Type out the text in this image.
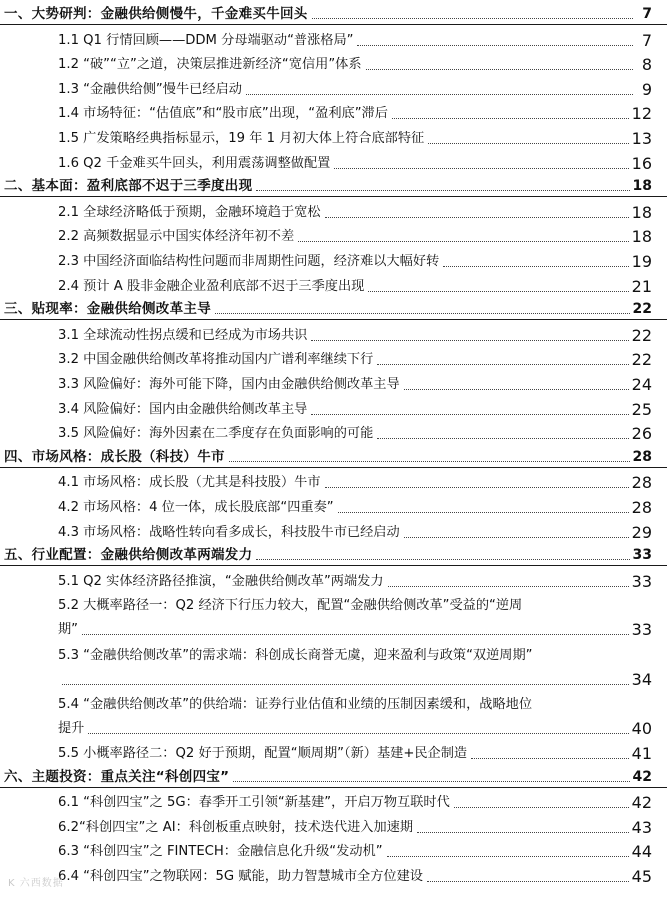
一、大势研判：金融供给侧慢牛，千金难买牛回头	7
1.1 Q1 行情回顾——DDM 分母端驱动“普涨格局”	7
1.2 “破”“立”之道，决策层推进新经济“宽信用”体系	8
1.3 “金融供给侧”慢牛已经启动	9
1.4 市场特征：“估值底”和“股市底”出现，“盈利底”滞后	12
1.5 广发策略经典指标显示，19 年 1 月初大体上符合底部特征	13
1.6 Q2 千金难买牛回头，利用震荡调整做配置	16
二、基本面：盈利底部不迟于三季度出现	18
2.1 全球经济略低于预期，金融环境趋于宽松	18
2.2 高频数据显示中国实体经济年初不差	18
2.3 中国经济面临结构性问题而非周期性问题，经济难以大幅好转	19
2.4 预计 A 股非金融企业盈利底部不迟于三季度出现	21
三、贴现率：金融供给侧改革主导	22
3.1 全球流动性拐点缓和已经成为市场共识	22
3.2 中国金融供给侧改革将推动国内广谱利率继续下行	22
3.3 风险偏好：海外可能下降，国内由金融供给侧改革主导	24
3.4 风险偏好：国内由金融供给侧改革主导	25
3.5 风险偏好：海外因素在二季度存在负面影响的可能	26
四、市场风格：成长股（科技）牛市	28
4.1 市场风格：成长股（尤其是科技股）牛市	28
4.2 市场风格：4 位一体，成长股底部“四重奏”	28
4.3 市场风格：战略性转向看多成长，科技股牛市已经启动	29
五、行业配置：金融供给侧改革两端发力	33
5.1 Q2 实体经济路径推演，“金融供给侧改革”两端发力	33
5.2 大概率路径一：Q2 经济下行压力较大，配置“金融供给侧改革”受益的“逆周
期”	33
5.3 “金融供给侧改革”的需求端：科创成长商誉无虞，迎来盈利与政策“双逆周期”
34
5.4 “金融供给侧改革”的供给端：证券行业估值和业绩的压制因素缓和，战略地位
提升	40
5.5 小概率路径二：Q2 好于预期，配置“顺周期”（新）基建+民企制造	41
六、主题投资：重点关注“科创四宝”	42
6.1 “科创四宝”之 5G：春季开工引领“新基建”，开启万物互联时代	42
6.2“科创四宝”之 AI：科创板重点映射，技术迭代进入加速期	43
6.3 “科创四宝”之 FINTECH：金融信息化升级“发动机”	44
6.4 “科创四宝”之物联网：5G 赋能，助力智慧城市全方位建设	45
K 六西数据
